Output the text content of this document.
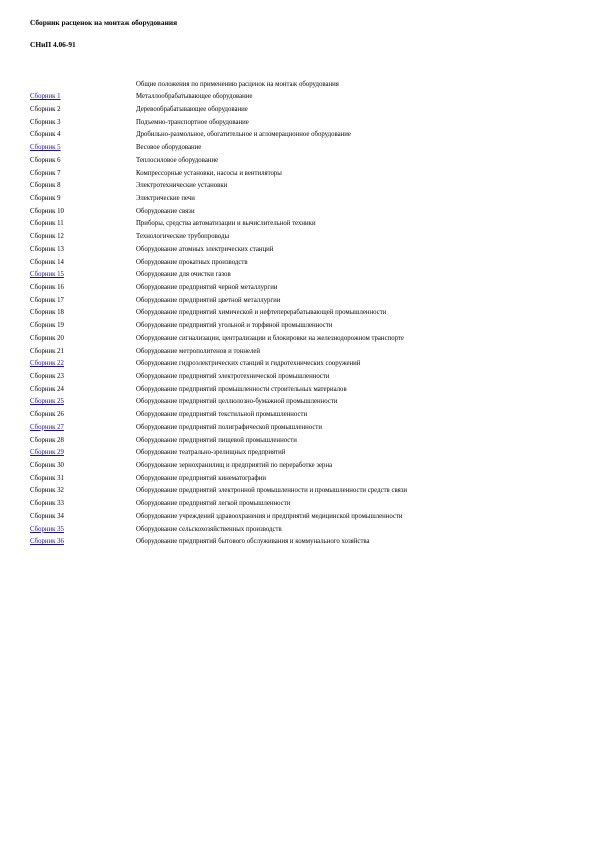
Сборник расценок на монтаж оборудования
СНиП 4.06-91
Общие положения по применению расценок на монтаж оборудования
Сборник 1	Металлообрабатывающее оборудование
Сборник 2	Деревообрабатывающее оборудование
Сборник 3	Подъемно-транспортное оборудование
Сборник 4	Дробильно-размольное, обогатительное и агломерационное оборудование
Сборник 5	Весовое оборудование
Сборник 6	Теплосиловое оборудование
Сборник 7	Компрессорные установки, насосы и вентиляторы
Сборник 8	Электротехнические установки
Сборник 9	Электрические печи
Сборник 10	Оборудование связи
Сборник 11	Приборы, средства автоматизации и вычислительной техники
Сборник 12	Технологические трубопроводы
Сборник 13	Оборудование атомных электрических станций
Сборник 14	Оборудование прокатных производств
Сборник 15	Оборудование для очистки газов
Сборник 16	Оборудование предприятий черной металлургии
Сборник 17	Оборудование предприятий цветной металлургии
Сборник 18	Оборудование предприятий химической и нефтеперерабатывающей промышленности
Сборник 19	Оборудование предприятий угольной и торфяной промышленности
Сборник 20	Оборудование сигнализации, централизации и блокировки на железнодорожном транспорте
Сборник 21	Оборудование метрополитенов и тоннелей
Сборник 22	Оборудование гидроэлектрических станций и гидротехнических сооружений
Сборник 23	Оборудование предприятий электротехнической промышленности
Сборник 24	Оборудование предприятий промышленности строительных материалов
Сборник 25	Оборудование предприятий целлюлозно-бумажной промышленности
Сборник 26	Оборудование предприятий текстильной промышленности
Сборник 27	Оборудование предприятий полиграфической промышленности
Сборник 28	Оборудование предприятий пищевой промышленности
Сборник 29	Оборудование театрально-зрелищных предприятий
Сборник 30	Оборудование зернохранилищ и предприятий по переработке зерна
Сборник 31	Оборудование предприятий кинематографии
Сборник 32	Оборудование предприятий электронной промышленности и промышленности средств связи
Сборник 33	Оборудование предприятий легкой промышленности
Сборник 34	Оборудование учреждений здравоохранения и предприятий медицинской промышленности
Сборник 35	Оборудование сельскохозяйственных производств
Сборник 36	Оборудование предприятий бытового обслуживания и коммунального хозяйства
